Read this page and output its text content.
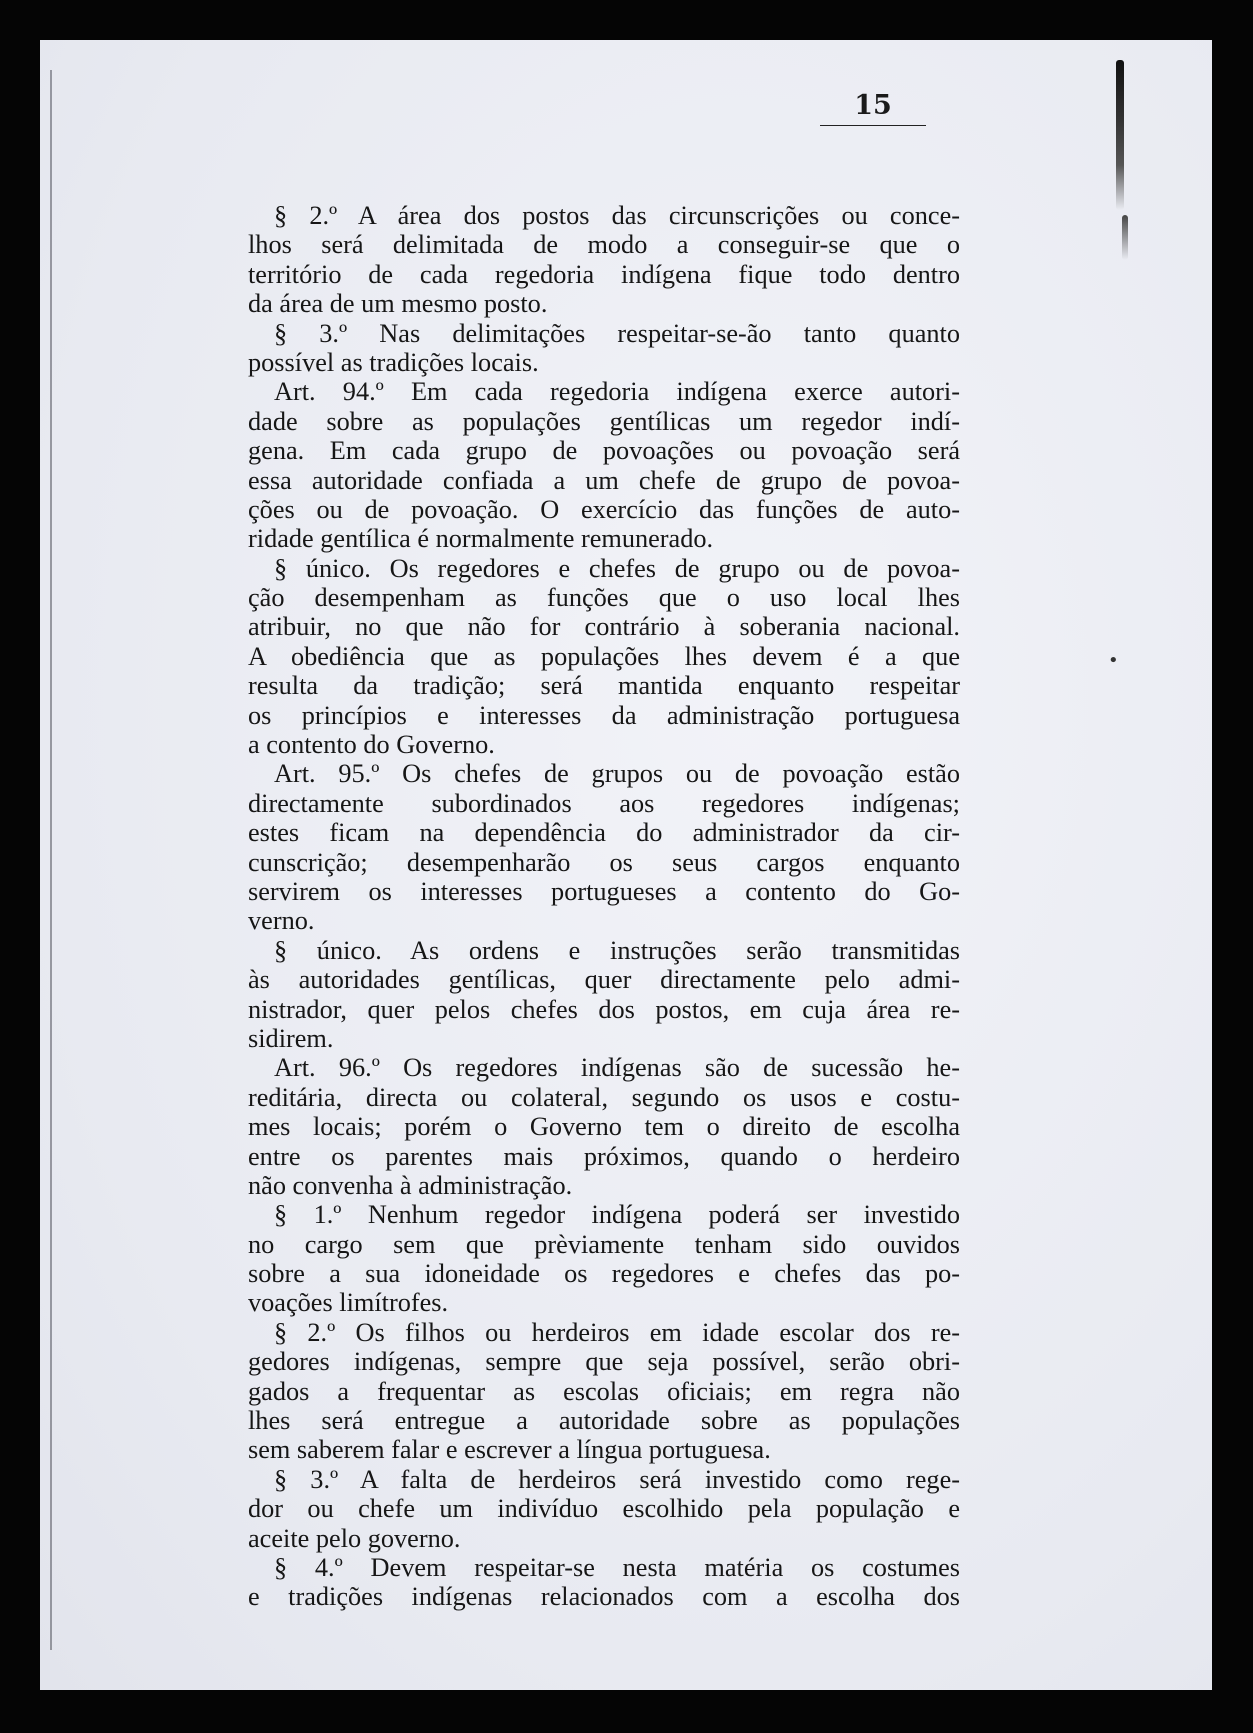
•
15
§ 2.º A área dos postos das circunscrições ou conce-
lhos será delimitada de modo a conseguir-se que o
território de cada regedoria indígena fique todo dentro
da área de um mesmo posto.
§ 3.º Nas delimitações respeitar-se-ão tanto quanto
possível as tradições locais.
Art. 94.º Em cada regedoria indígena exerce autori-
dade sobre as populações gentílicas um regedor indí-
gena. Em cada grupo de povoações ou povoação será
essa autoridade confiada a um chefe de grupo de povoa-
ções ou de povoação. O exercício das funções de auto-
ridade gentílica é normalmente remunerado.
§ único. Os regedores e chefes de grupo ou de povoa-
ção desempenham as funções que o uso local lhes
atribuir, no que não for contrário à soberania nacional.
A obediência que as populações lhes devem é a que
resulta da tradição; será mantida enquanto respeitar
os princípios e interesses da administração portuguesa
a contento do Governo.
Art. 95.º Os chefes de grupos ou de povoação estão
directamente subordinados aos regedores indígenas;
estes ficam na dependência do administrador da cir-
cunscrição; desempenharão os seus cargos enquanto
servirem os interesses portugueses a contento do Go-
verno.
§ único. As ordens e instruções serão transmitidas
às autoridades gentílicas, quer directamente pelo admi-
nistrador, quer pelos chefes dos postos, em cuja área re-
sidirem.
Art. 96.º Os regedores indígenas são de sucessão he-
reditária, directa ou colateral, segundo os usos e costu-
mes locais; porém o Governo tem o direito de escolha
entre os parentes mais próximos, quando o herdeiro
não convenha à administração.
§ 1.º Nenhum regedor indígena poderá ser investido
no cargo sem que prèviamente tenham sido ouvidos
sobre a sua idoneidade os regedores e chefes das po-
voações limítrofes.
§ 2.º Os filhos ou herdeiros em idade escolar dos re-
gedores indígenas, sempre que seja possível, serão obri-
gados a frequentar as escolas oficiais; em regra não
lhes será entregue a autoridade sobre as populações
sem saberem falar e escrever a língua portuguesa.
§ 3.º A falta de herdeiros será investido como rege-
dor ou chefe um indivíduo escolhido pela população e
aceite pelo governo.
§ 4.º Devem respeitar-se nesta matéria os costumes
e tradições indígenas relacionados com a escolha dos
